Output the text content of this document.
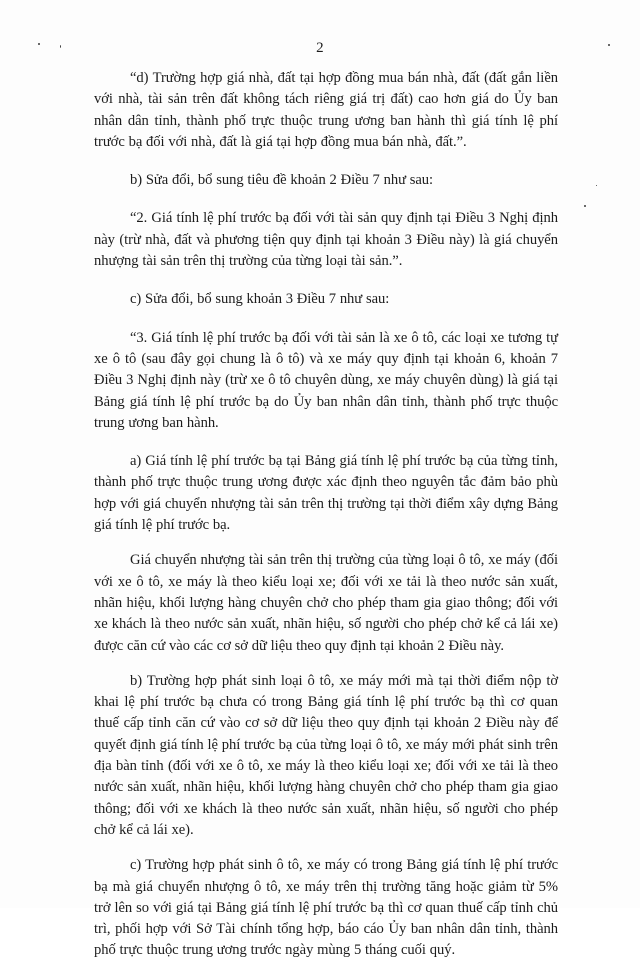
2

“d) Trường hợp giá nhà, đất tại hợp đồng mua bán nhà, đất (đất gắn liền với nhà, tài sản trên đất không tách riêng giá trị đất) cao hơn giá do Ủy ban nhân dân tỉnh, thành phố trực thuộc trung ương ban hành thì giá tính lệ phí trước bạ đối với nhà, đất là giá tại hợp đồng mua bán nhà, đất.”.

b) Sửa đổi, bổ sung tiêu đề khoản 2 Điều 7 như sau:

“2. Giá tính lệ phí trước bạ đối với tài sản quy định tại Điều 3 Nghị định này (trừ nhà, đất và phương tiện quy định tại khoản 3 Điều này) là giá chuyển nhượng tài sản trên thị trường của từng loại tài sản.”.

c) Sửa đổi, bổ sung khoản 3 Điều 7 như sau:

“3. Giá tính lệ phí trước bạ đối với tài sản là xe ô tô, các loại xe tương tự xe ô tô (sau đây gọi chung là ô tô) và xe máy quy định tại khoản 6, khoản 7 Điều 3 Nghị định này (trừ xe ô tô chuyên dùng, xe máy chuyên dùng) là giá tại Bảng giá tính lệ phí trước bạ do Ủy ban nhân dân tỉnh, thành phố trực thuộc trung ương ban hành.

a) Giá tính lệ phí trước bạ tại Bảng giá tính lệ phí trước bạ của từng tỉnh, thành phố trực thuộc trung ương được xác định theo nguyên tắc đảm bảo phù hợp với giá chuyển nhượng tài sản trên thị trường tại thời điểm xây dựng Bảng giá tính lệ phí trước bạ.

Giá chuyển nhượng tài sản trên thị trường của từng loại ô tô, xe máy (đối với xe ô tô, xe máy là theo kiểu loại xe; đối với xe tải là theo nước sản xuất, nhãn hiệu, khối lượng hàng chuyên chở cho phép tham gia giao thông; đối với xe khách là theo nước sản xuất, nhãn hiệu, số người cho phép chở kể cả lái xe) được căn cứ vào các cơ sở dữ liệu theo quy định tại khoản 2 Điều này.

b) Trường hợp phát sinh loại ô tô, xe máy mới mà tại thời điểm nộp tờ khai lệ phí trước bạ chưa có trong Bảng giá tính lệ phí trước bạ thì cơ quan thuế cấp tỉnh căn cứ vào cơ sở dữ liệu theo quy định tại khoản 2 Điều này để quyết định giá tính lệ phí trước bạ của từng loại ô tô, xe máy mới phát sinh trên địa bàn tỉnh (đối với xe ô tô, xe máy là theo kiểu loại xe; đối với xe tải là theo nước sản xuất, nhãn hiệu, khối lượng hàng chuyên chở cho phép tham gia giao thông; đối với xe khách là theo nước sản xuất, nhãn hiệu, số người cho phép chở kể cả lái xe).

c) Trường hợp phát sinh ô tô, xe máy có trong Bảng giá tính lệ phí trước bạ mà giá chuyển nhượng ô tô, xe máy trên thị trường tăng hoặc giảm từ 5% trở lên so với giá tại Bảng giá tính lệ phí trước bạ thì cơ quan thuế cấp tỉnh chủ trì, phối hợp với Sở Tài chính tổng hợp, báo cáo Ủy ban nhân dân tỉnh, thành phố trực thuộc trung ương trước ngày mùng 5 tháng cuối quý.
